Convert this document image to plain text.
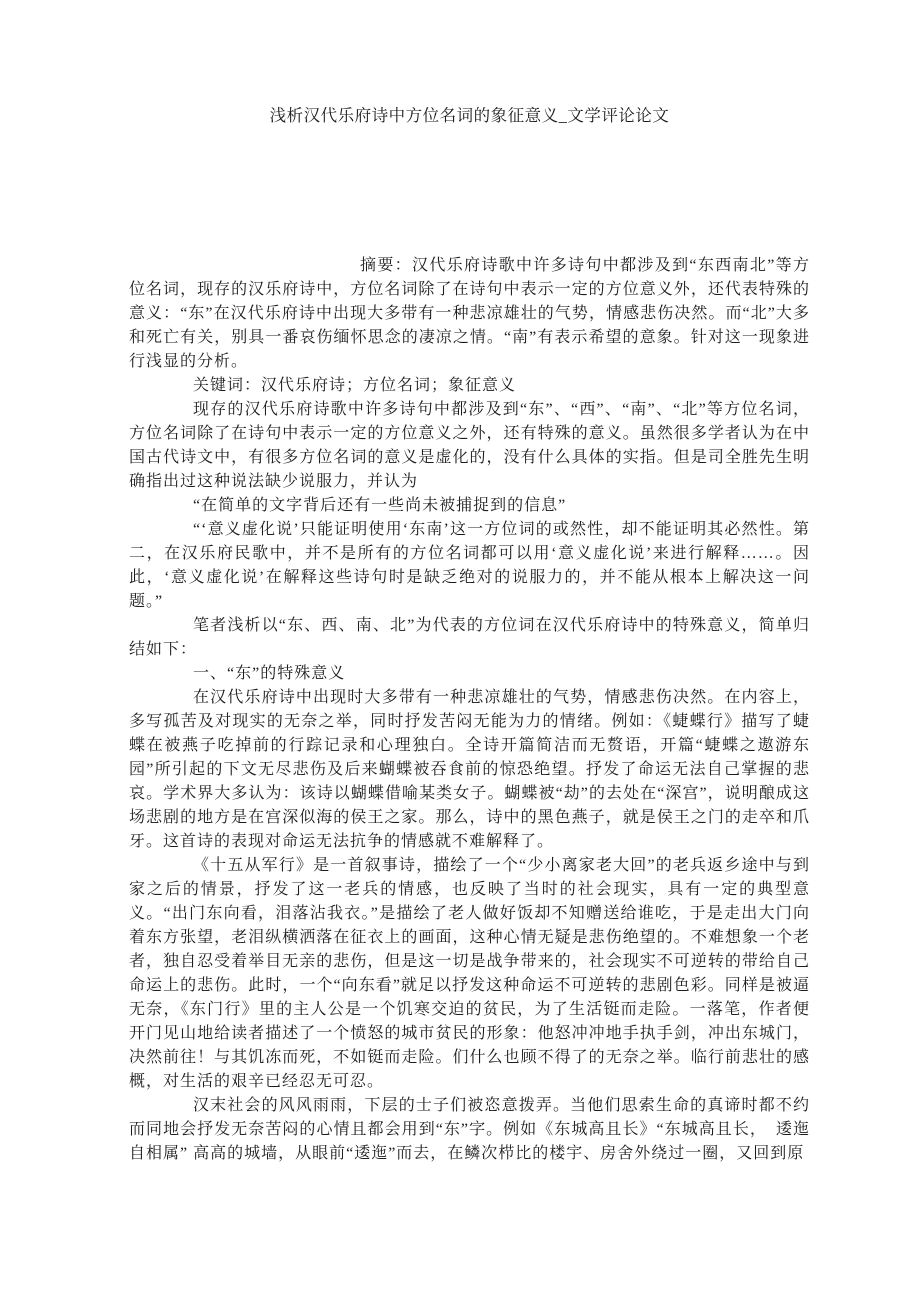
浅析汉代乐府诗中方位名词的象征意义_文学评论论文

摘要：汉代乐府诗歌中许多诗句中都涉及到“东西南北”等方位名词，现存的汉乐府诗中，方位名词除了在诗句中表示一定的方位意义外，还代表特殊的意义：“东”在汉代乐府诗中出现大多带有一种悲凉雄壮的气势，情感悲伤决然。而“北”大多和死亡有关，别具一番哀伤缅怀思念的凄凉之情。“南”有表示希望的意象。针对这一现象进行浅显的分析。

关键词：汉代乐府诗；方位名词；象征意义

现存的汉代乐府诗歌中许多诗句中都涉及到“东”、“西”、“南”、“北”等方位名词，方位名词除了在诗句中表示一定的方位意义之外，还有特殊的意义。虽然很多学者认为在中国古代诗文中，有很多方位名词的意义是虚化的，没有什么具体的实指。但是司全胜先生明确指出过这种说法缺少说服力，并认为

“在简单的文字背后还有一些尚未被捕捉到的信息”

“‘意义虚化说’只能证明使用‘东南’这一方位词的或然性，却不能证明其必然性。第二，在汉乐府民歌中，并不是所有的方位名词都可以用‘意义虚化说’来进行解释……。因此，‘意义虚化说’在解释这些诗句时是缺乏绝对的说服力的，并不能从根本上解决这一问题。”

笔者浅析以“东、西、南、北”为代表的方位词在汉代乐府诗中的特殊意义，简单归结如下：

一、“东”的特殊意义

在汉代乐府诗中出现时大多带有一种悲凉雄壮的气势，情感悲伤决然。在内容上，多写孤苦及对现实的无奈之举，同时抒发苦闷无能为力的情绪。例如：《蜨蝶行》描写了蜨蝶在被燕子吃掉前的行踪记录和心理独白。全诗开篇简洁而无赘语，开篇“蜨蝶之遨游东园”所引起的下文无尽悲伤及后来蝴蝶被吞食前的惊恐绝望。抒发了命运无法自己掌握的悲哀。学术界大多认为：该诗以蝴蝶借喻某类女子。蝴蝶被“劫”的去处在“深宫”，说明酿成这场悲剧的地方是在宫深似海的侯王之家。那么，诗中的黑色燕子，就是侯王之门的走卒和爪牙。这首诗的表现对命运无法抗争的情感就不难解释了。

《十五从军行》是一首叙事诗，描绘了一个“少小离家老大回”的老兵返乡途中与到家之后的情景，抒发了这一老兵的情感，也反映了当时的社会现实，具有一定的典型意义。“出门东向看，泪落沾我衣。”是描绘了老人做好饭却不知赠送给谁吃，于是走出大门向着东方张望，老泪纵横洒落在征衣上的画面，这种心情无疑是悲伤绝望的。不难想象一个老者，独自忍受着举目无亲的悲伤，但是这一切是战争带来的，社会现实不可逆转的带给自己命运上的悲伤。此时，一个“向东看”就足以抒发这种命运不可逆转的悲剧色彩。同样是被逼无奈，《东门行》里的主人公是一个饥寒交迫的贫民，为了生活铤而走险。一落笔，作者便开门见山地给读者描述了一个愤怒的城市贫民的形象：他怒冲冲地手执手剑，冲出东城门，决然前往！与其饥冻而死，不如铤而走险。们什么也顾不得了的无奈之举。临行前悲壮的感概，对生活的艰辛已经忍无可忍。

汉末社会的风风雨雨，下层的士子们被恣意拨弄。当他们思索生命的真谛时都不约而同地会抒发无奈苦闷的心情且都会用到“东”字。例如《东城高且长》“东城高且长，　逶迤自相属” 高高的城墙，从眼前“逶迤”而去，在鳞次栉比的楼宇、房舍外绕过一圈，又回到原
